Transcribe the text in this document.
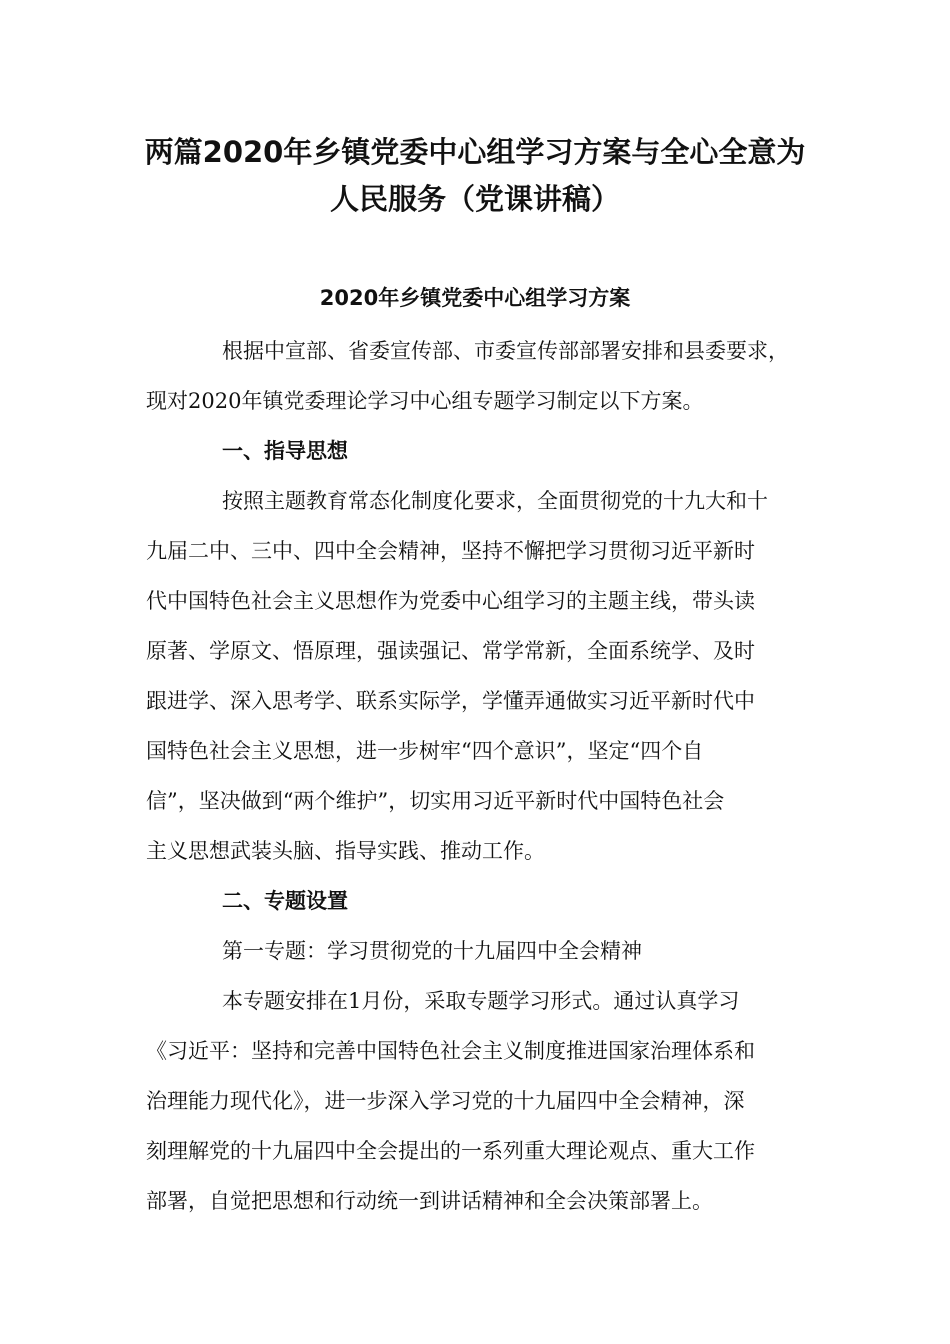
两篇2020年乡镇党委中心组学习方案与全心全意为
人民服务（党课讲稿）
2020年乡镇党委中心组学习方案
根据中宣部、省委宣传部、市委宣传部部署安排和县委要求，
现对2020年镇党委理论学习中心组专题学习制定以下方案。
一、指导思想
按照主题教育常态化制度化要求，全面贯彻党的十九大和十
九届二中、三中、四中全会精神，坚持不懈把学习贯彻习近平新时
代中国特色社会主义思想作为党委中心组学习的主题主线，带头读
原著、学原文、悟原理，强读强记、常学常新，全面系统学、及时
跟进学、深入思考学、联系实际学，学懂弄通做实习近平新时代中
国特色社会主义思想，进一步树牢“四个意识”，坚定“四个自
信”，坚决做到“两个维护”，切实用习近平新时代中国特色社会
主义思想武装头脑、指导实践、推动工作。
二、专题设置
第一专题：学习贯彻党的十九届四中全会精神
本专题安排在1月份，采取专题学习形式。通过认真学习
《习近平：坚持和完善中国特色社会主义制度推进国家治理体系和
治理能力现代化》，进一步深入学习党的十九届四中全会精神，深
刻理解党的十九届四中全会提出的一系列重大理论观点、重大工作
部署，自觉把思想和行动统一到讲话精神和全会决策部署上。
